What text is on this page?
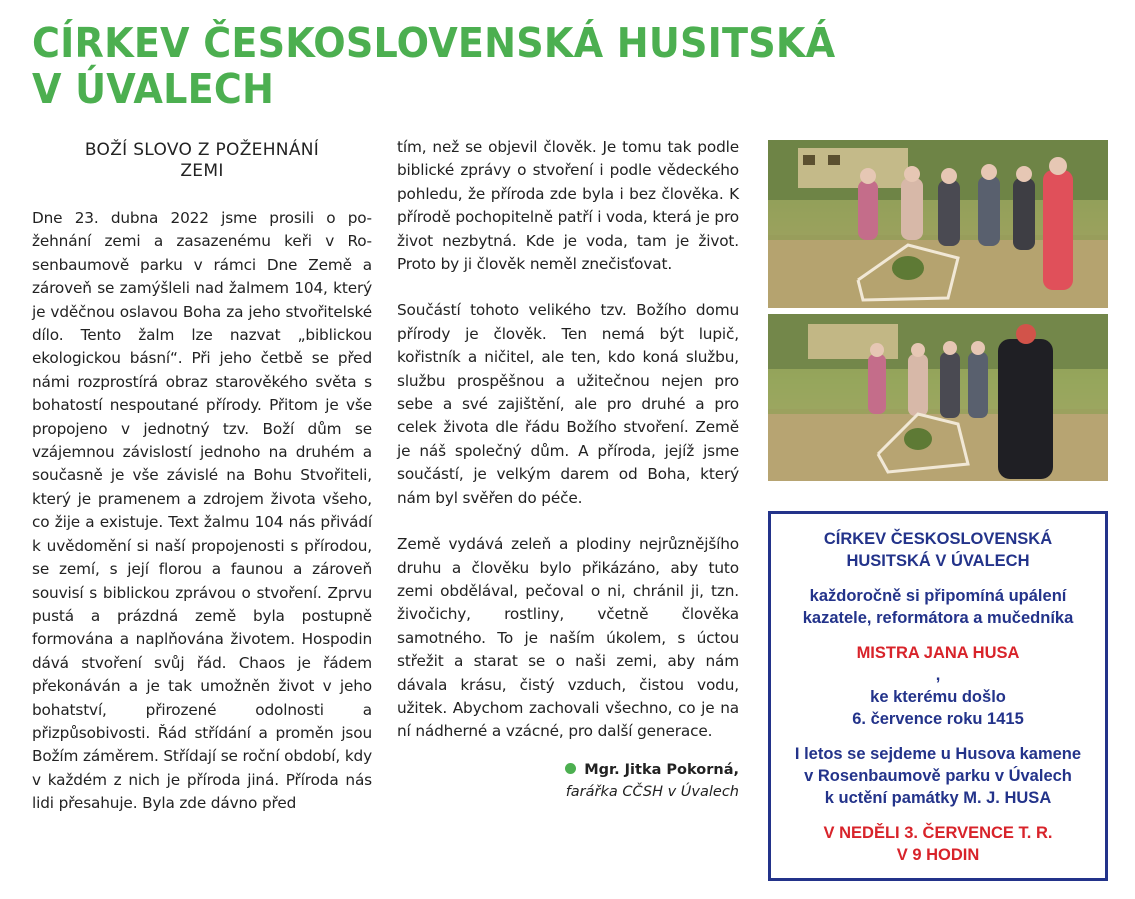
CÍRKEV ČESKOSLOVENSKÁ HUSITSKÁ
V ÚVALECH
BOŽÍ SLOVO Z POŽEHNÁNÍ
ZEMI

Dne 23. dubna 2022 jsme prosili o požehnání zemi a zasazenému keři v Rosenbaumově parku v rámci Dne Země a zároveň se zamýšleli nad žalmem 104, který je vděčnou oslavou Boha za jeho stvořitelské dílo. Tento žalm lze nazvat „biblickou ekologickou básní“. Při jeho četbě se před námi rozprostírá obraz starověkého světa s bohatostí nespoutané přírody. Přitom je vše propojeno v jednotný tzv. Boží dům se vzájemnou závislostí jednoho na druhém a současně je vše závislé na Bohu Stvořiteli, který je pramenem a zdrojem života všeho, co žije a existuje. Text žalmu 104 nás přivádí k uvědomění si naší propojenosti s přírodou, se zemí, s její florou a faunou a zároveň souvisí s biblickou zprávou o stvoření. Zprvu pustá a prázdná země byla postupně formována a naplňována životem. Hospodin dává stvoření svůj řád. Chaos je řádem překonáván a je tak umožněn život v jeho bohatství, přirozené odolnosti a přizpůsobivosti. Řád střídání a proměn jsou Božím záměrem. Střídají se roční období, kdy v každém z nich je příroda jiná. Příroda nás lidi přesahuje. Byla zde dávno před

tím, než se objevil člověk. Je tomu tak podle biblické zprávy o stvoření i podle vědeckého pohledu, že příroda zde byla i bez člověka. K přírodě pochopitelně patří i voda, která je pro život nezbytná. Kde je voda, tam je život. Proto by ji člověk neměl znečisťovat.

Součástí tohoto velikého tzv. Božího domu přírody je člověk. Ten nemá být lupič, kořistník a ničitel, ale ten, kdo koná službu, službu prospěšnou a užitečnou nejen pro sebe a své zajištění, ale pro druhé a pro celek života dle řádu Božího stvoření. Země je náš společný dům. A příroda, jejíž jsme součástí, je velkým darem od Boha, který nám byl svěřen do péče.

Země vydává zeleň a plodiny nejrůznějšího druhu a člověku bylo přikázáno, aby tuto zemi obdělával, pečoval o ni, chránil ji, tzn. živočichy, rostliny, včetně člověka samotného. To je naším úkolem, s úctou střežit a starat se o naši zemi, aby nám dávala krásu, čistý vzduch, čistou vodu, užitek. Abychom zachovali všechno, co je na ní nádherné a vzácné, pro další generace.

Mgr. Jitka Pokorná,
farářka CČSH v Úvalech
CÍRKEV ČESKOSLOVENSKÁ
HUSITSKÁ V ÚVALECH
každoročně si připomíná upálení
kazatele, reformátora a mučedníka
MISTRA JANA HUSA
,
ke kterému došlo
6. července roku 1415
I letos se sejdeme u Husova kamene
v Rosenbaumově parku v Úvalech
k uctění památky M. J. HUSA
V NEDĚLI 3. ČERVENCE T. R.
V 9 HODIN
